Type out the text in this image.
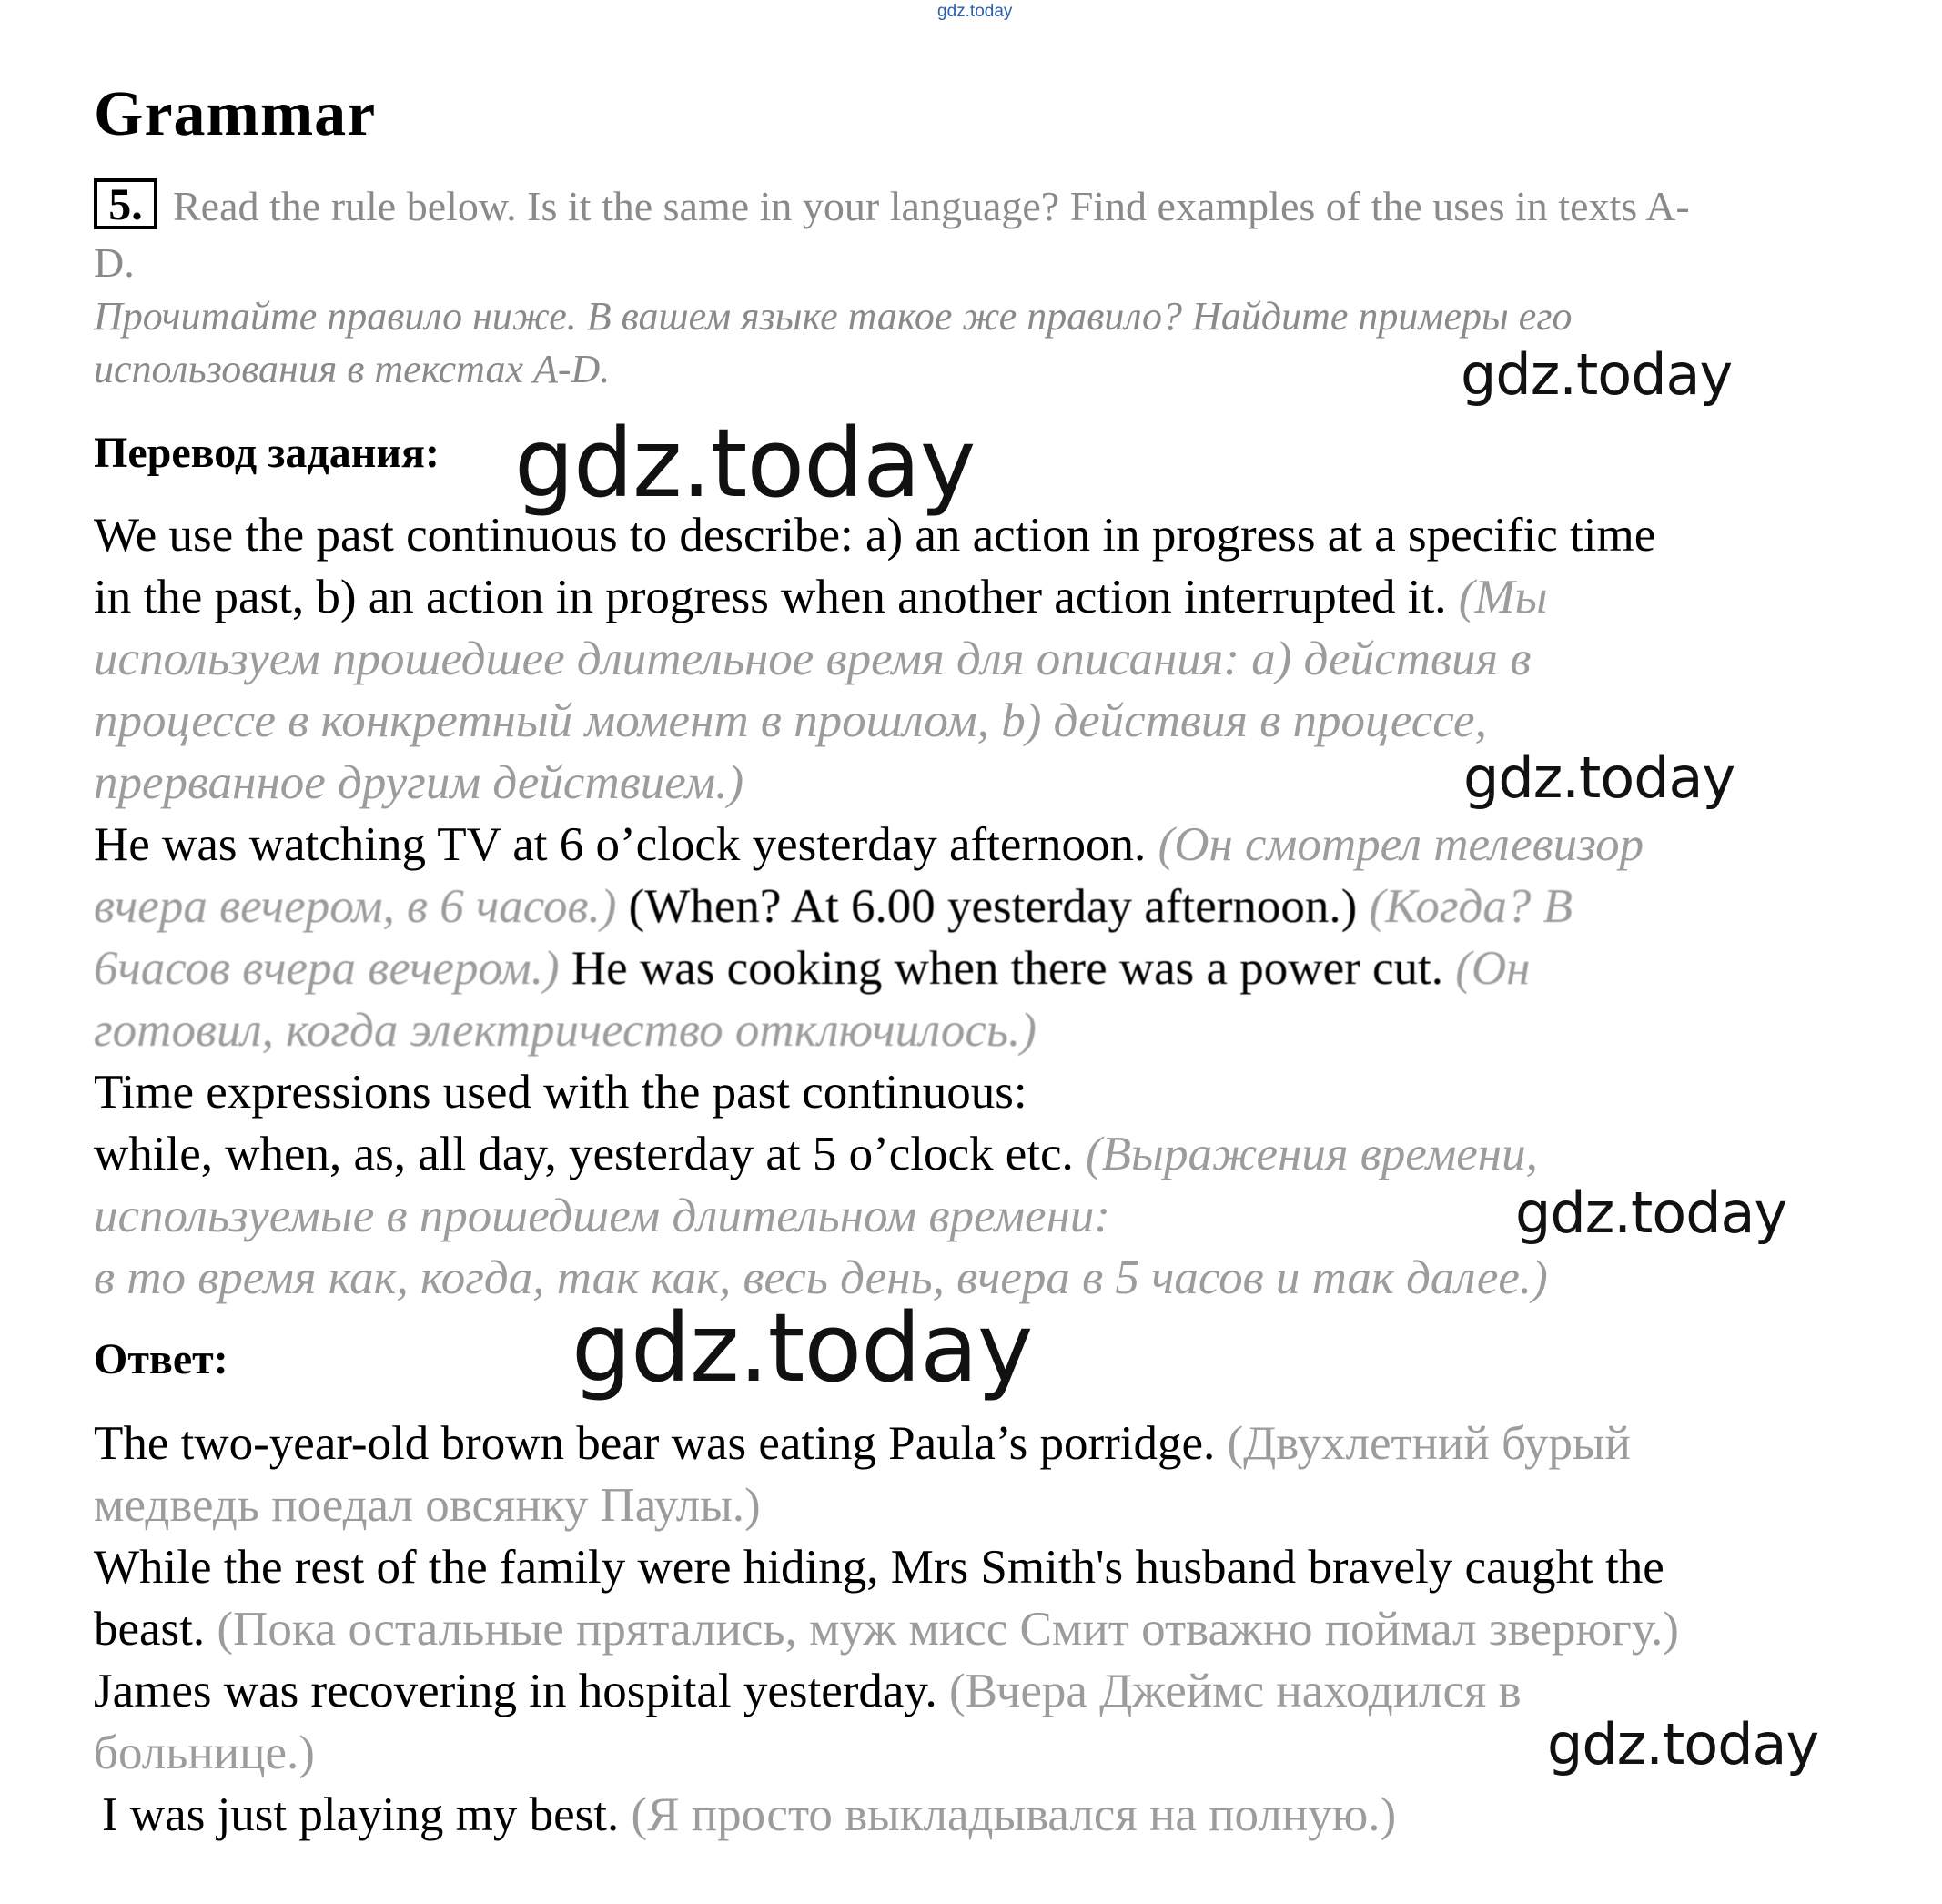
gdz.today
Grammar
5. Read the rule below. Is it the same in your language? Find examples of the uses in texts A-
D.
Прочитайте правило ниже. В вашем языке такое же правило? Найдите примеры его
использования в текстах A-D.	gdz.today
Перевод задания: gdz.today
We use the past continuous to describe: a) an action in progress at a specific time
in the past, b) an action in progress when another action interrupted it. (Мы
используем прошедшее длительное время для описания: a) действия в
процессе в конкретный момент в прошлом, b) действия в процессе,
прерванное другим действием.)	gdz.today
He was watching TV at 6 o’clock yesterday afternoon. (Он смотрел телевизор
вчера вечером, в 6 часов.) (When? At 6.00 yesterday afternoon.) (Когда? В
6часов вчера вечером.) He was cooking when there was a power cut. (Он
готовил, когда электричество отключилось.)
Time expressions used with the past continuous:
while, when, as, all day, yesterday at 5 o’clock etc. (Выражения времени,
используемые в прошедшем длительном времени:	gdz.today
в то время как, когда, так как, весь день, вчера в 5 часов и так далее.)
Ответ:	gdz.today
The two-year-old brown bear was eating Paula’s porridge. (Двухлетний бурый
медведь поедал овсянку Паулы.)
While the rest of the family were hiding, Mrs Smith's husband bravely caught the
beast. (Пока остальные прятались, муж мисс Смит отважно поймал зверюгу.)
James was recovering in hospital yesterday. (Вчера Джеймс находился в
больнице.)	gdz.today
I was just playing my best. (Я просто выкладывался на полную.)
